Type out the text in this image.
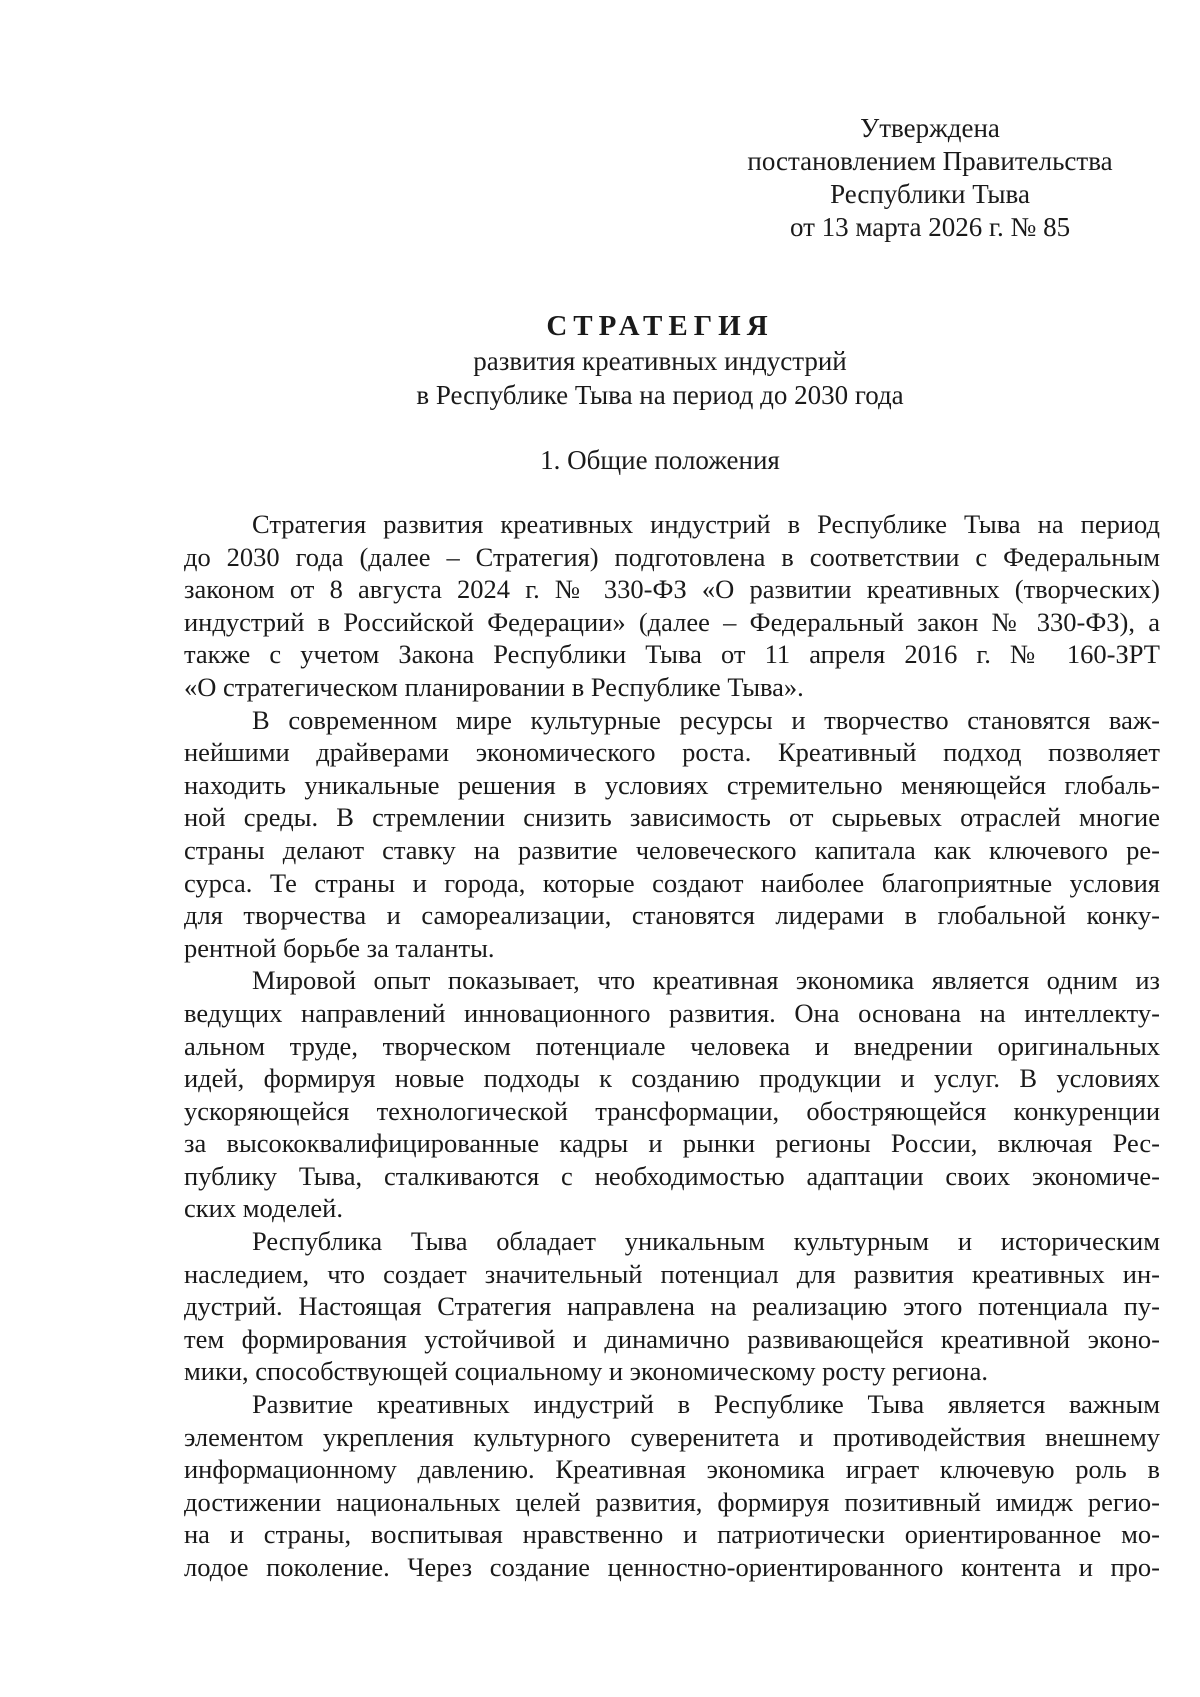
Утверждена
постановлением Правительства
Республики Тыва
от 13 марта 2026 г. № 85
СТРАТЕГИЯ
развития креативных индустрий
в Республике Тыва на период до 2030 года
1. Общие положения
Стратегия развития креативных индустрий в Республике Тыва на период
до 2030 года (далее – Стратегия) подготовлена в соответствии с Федеральным
законом от 8 августа 2024 г. № 330-ФЗ «О развитии креативных (творческих)
индустрий в Российской Федерации» (далее – Федеральный закон № 330-ФЗ), а
также с учетом Закона Республики Тыва от 11 апреля 2016 г. № 160-ЗРТ
«О стратегическом планировании в Республике Тыва».
В современном мире культурные ресурсы и творчество становятся важ-
нейшими драйверами экономического роста. Креативный подход позволяет
находить уникальные решения в условиях стремительно меняющейся глобаль-
ной среды. В стремлении снизить зависимость от сырьевых отраслей многие
страны делают ставку на развитие человеческого капитала как ключевого ре-
сурса. Те страны и города, которые создают наиболее благоприятные условия
для творчества и самореализации, становятся лидерами в глобальной конку-
рентной борьбе за таланты.
Мировой опыт показывает, что креативная экономика является одним из
ведущих направлений инновационного развития. Она основана на интеллекту-
альном труде, творческом потенциале человека и внедрении оригинальных
идей, формируя новые подходы к созданию продукции и услуг. В условиях
ускоряющейся технологической трансформации, обостряющейся конкуренции
за высококвалифицированные кадры и рынки регионы России, включая Рес-
публику Тыва, сталкиваются с необходимостью адаптации своих экономиче-
ских моделей.
Республика Тыва обладает уникальным культурным и историческим
наследием, что создает значительный потенциал для развития креативных ин-
дустрий. Настоящая Стратегия направлена на реализацию этого потенциала пу-
тем формирования устойчивой и динамично развивающейся креативной эконо-
мики, способствующей социальному и экономическому росту региона.
Развитие креативных индустрий в Республике Тыва является важным
элементом укрепления культурного суверенитета и противодействия внешнему
информационному давлению. Креативная экономика играет ключевую роль в
достижении национальных целей развития, формируя позитивный имидж регио-
на и страны, воспитывая нравственно и патриотически ориентированное мо-
лодое поколение. Через создание ценностно-ориентированного контента и про-
